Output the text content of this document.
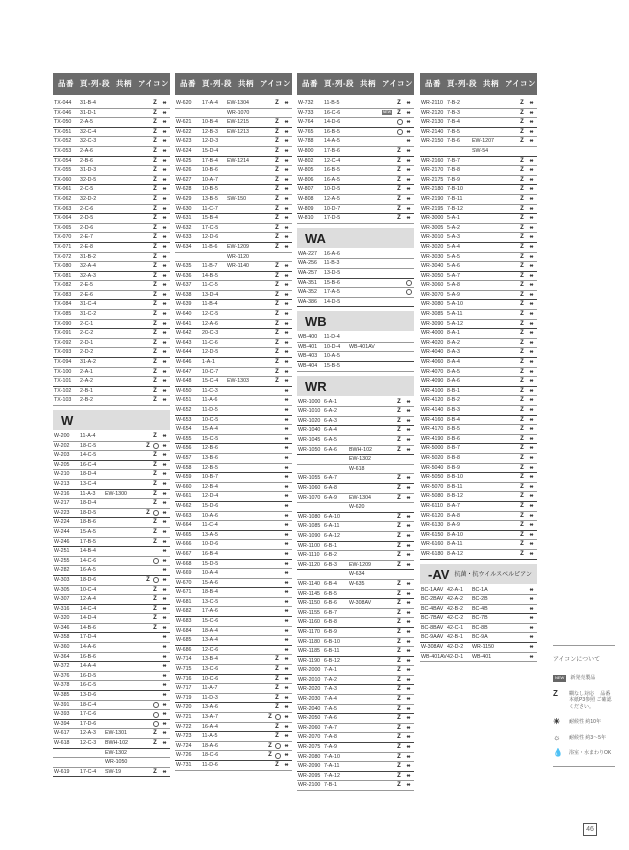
品番 頁-列-段 共柄 アイコン
TX-044 31-B-4	Z	♦♦
TX-046 31-D-1	Z	♦♦
TX-050 2-A-5	Z	♦♦
TX-051 32-C-4	Z	♦♦
TX-052 32-C-3	Z	♦♦
TX-053 2-A-6	Z	♦♦
TX-054 2-B-6	Z	♦♦
TX-055 31-D-3	Z	♦♦
TX-060 32-D-5	Z	♦♦
TX-061 2-C-5	Z	♦♦
TX-062 32-D-2	Z	♦♦
TX-063 2-C-6	Z	♦♦
TX-064 2-D-5	Z	♦♦
TX-065 2-D-6	Z	♦♦
TX-070 2-E-7	Z	♦♦
TX-071 2-E-8	Z	♦♦
TX-072 31-B-2	Z	♦♦
TX-080 32-A-4	Z	♦♦
TX-081 32-A-3	Z	♦♦
TX-082 2-E-5	Z	♦♦
TX-083 2-E-6	Z	♦♦
TX-084 31-C-4	Z	♦♦
TX-085 31-C-2	Z	♦♦
TX-090 2-C-1	Z	♦♦
TX-091 2-C-2	Z	♦♦
TX-092 2-D-1	Z	♦♦
TX-093 2-D-2	Z	♦♦
TX-094 31-A-2	Z	♦♦
TX-100 2-A-1	Z	♦♦
TX-101 2-A-2	Z	♦♦
TX-102 2-B-1	Z	♦♦
TX-103 2-B-2	Z	♦♦
W
W-200 11-A-4	Z	♦♦
W-202 18-C-5	Z	♦♦
W-203 14-C-5	Z	♦♦
W-205 16-C-4	Z	♦♦
W-210 18-D-4	Z	♦♦
W-213 13-C-4	Z	♦♦
W-216 11-A-3 EW-1300	Z	♦♦
W-217 18-D-4	Z	♦♦
W-223 18-D-5	Z	♦♦
W-224 18-B-6	Z	♦♦
W-244 15-A-5	Z	♦♦
W-246 17-B-5	Z	♦♦
W-251 14-B-4	♦♦
W-255 14-C-6	♦♦
W-282 16-A-5	♦♦
W-303 18-D-6	Z	♦♦
W-305 10-C-4	Z	♦♦
W-307 12-A-4	Z	♦♦
W-316 14-C-4	Z	♦♦
W-320 14-D-4	Z	♦♦
W-346 14-B-6	Z	♦♦
W-358 17-D-4	♦♦
W-360 14-A-6	♦♦
W-364 16-B-6	♦♦
W-372 14-A-4	♦♦
W-376 16-D-5	♦♦
W-378 16-C-5	♦♦
W-385 13-D-6	♦♦
W-391 18-C-4	♦♦
W-393 17-C-6	♦♦
W-394 17-D-6	♦♦
W-617 12-A-3 EW-1301	Z	♦♦
W-618 12-C-3 BWH-102	Z	♦♦
EW-1302
WR-1050
W-619 17-C-4 SW-19	Z	♦♦
品番 頁-列-段 共柄 アイコン
W-620 17-A-4 EW-1304	Z	♦♦
WR-1070
W-621 10-B-4 EW-1215	Z	♦♦
W-622 12-B-3 EW-1213	Z	♦♦
W-623 12-D-3	Z	♦♦
W-624 15-D-4	Z	♦♦
W-625 17-B-4 EW-1214	Z	♦♦
W-626 10-B-6	Z	♦♦
W-627 10-A-7	Z	♦♦
W-628 10-B-5	Z	♦♦
W-629 13-B-5 SW-150	Z	♦♦
W-630 11-C-7	Z	♦♦
W-631 15-B-4	Z	♦♦
W-632 17-C-5	Z	♦♦
W-633 12-D-6	Z	♦♦
W-634 11-B-6 EW-1209	Z	♦♦
WR-1120
W-635 11-B-7 WR-1140	Z	♦♦
W-636 14-B-5	Z	♦♦
W-637 11-C-5	Z	♦♦
W-638 13-D-4	Z	♦♦
W-639 11-B-4	Z	♦♦
W-640 12-C-5	Z	♦♦
W-641 12-A-6	Z	♦♦
W-642 20-C-3	Z	♦♦
W-643 11-C-6	Z	♦♦
W-644 12-D-5	Z	♦♦
W-646 1-A-1	Z	♦♦
W-647 10-C-7	Z	♦♦
W-648 15-C-4 EW-1303	Z	♦♦
W-650 11-C-3	♦♦
W-651 11-A-6	♦♦
W-652 11-D-5	♦♦
W-653 10-C-5	♦♦
W-654 15-A-4	♦♦
W-655 15-C-5	♦♦
W-656 12-B-6	♦♦
W-657 13-B-6	♦♦
W-658 12-B-5	♦♦
W-659 10-B-7	♦♦
W-660 12-B-4	♦♦
W-661 12-D-4	♦♦
W-662 15-D-6	♦♦
W-663 10-A-6	♦♦
W-664 11-C-4	♦♦
W-665 13-A-5	♦♦
W-666 10-D-6	♦♦
W-667 16-B-4	♦♦
W-668 15-D-5	♦♦
W-669 10-A-4	♦♦
W-670 15-A-6	♦♦
W-671 18-B-4	♦♦
W-681 13-C-5	♦♦
W-682 17-A-6	♦♦
W-683 15-C-6	♦♦
W-684 18-A-4	♦♦
W-685 13-A-4	♦♦
W-686 12-C-6	♦♦
W-714 13-B-4	Z	♦♦
W-715 13-C-6	Z	♦♦
W-716 10-C-6	Z	♦♦
W-717 11-A-7	Z	♦♦
W-719 11-D-3	Z	♦♦
W-720 13-A-6	Z	♦♦
W-721 13-A-7	Z	♦♦
W-722 16-A-4	Z	♦♦
W-723 11-A-5	Z	♦♦
W-724 18-A-6	Z	♦♦
W-726 18-C-6	Z	♦♦
W-731 11-D-6	Z	♦♦
品番 頁-列-段 共柄 アイコン
W-732 11-B-5	Z	♦♦
W-733 16-C-6	NEW	Z	♦♦
W-764 14-D-6	♦♦
W-765 16-B-5	♦♦
W-788 14-A-5	♦♦
W-800 17-B-6	Z	♦♦
W-802 12-C-4	Z	♦♦
W-805 16-B-5	Z	♦♦
W-806 16-A-5	Z	♦♦
W-807 10-D-5	Z	♦♦
W-808 12-A-5	Z	♦♦
W-809 10-D-7	Z	♦♦
W-810 17-D-5	Z	♦♦
WA
WA-227 16-A-6
WA-256 11-B-3
WA-257 13-D-5
WA-351 15-B-6
WA-352 17-A-5
WA-386 14-D-5
WB
WB-400 11-D-4
WB-401 10-D-4 WB-401AV
WB-403 10-A-5
WB-404 15-B-5
WR
WR-1000 6-A-1	Z	♦♦
WR-1010 6-A-2	Z	♦♦
WR-1020 6-A-3	Z	♦♦
WR-1040 6-A-4	Z	♦♦
WR-1045 6-A-5	Z	♦♦
WR-1050 6-A-6 BWH-102	Z	♦♦
EW-1302
W-618
WR-1055 6-A-7	Z	♦♦
WR-1060 6-A-8	Z	♦♦
WR-1070 6-A-9 EW-1304	Z	♦♦
W-620
WR-1080 6-A-10	Z	♦♦
WR-1085 6-A-11	Z	♦♦
WR-1090 6-A-12	Z	♦♦
WR-1100 6-B-1	Z	♦♦
WR-1110 6-B-2	Z	♦♦
WR-1120 6-B-3 EW-1209	Z	♦♦
W-634
WR-1140 6-B-4 W-635	Z	♦♦
WR-1145 6-B-5	Z	♦♦
WR-1150 6-B-6 W-308AV	Z	♦♦
WR-1155 6-B-7	Z	♦♦
WR-1160 6-B-8	Z	♦♦
WR-1170 6-B-9	Z	♦♦
WR-1180 6-B-10	Z	♦♦
WR-1185 6-B-11	Z	♦♦
WR-1190 6-B-12	Z	♦♦
WR-2000 7-A-1	Z	♦♦
WR-2010 7-A-2	Z	♦♦
WR-2020 7-A-3	Z	♦♦
WR-2030 7-A-4	Z	♦♦
WR-2040 7-A-5	Z	♦♦
WR-2050 7-A-6	Z	♦♦
WR-2060 7-A-7	Z	♦♦
WR-2070 7-A-8	Z	♦♦
WR-2075 7-A-9	Z	♦♦
WR-2080 7-A-10	Z	♦♦
WR-2090 7-A-11	Z	♦♦
WR-2095 7-A-12	Z	♦♦
WR-2100 7-B-1	Z	♦♦
品番 頁-列-段 共柄 アイコン
WR-2110 7-B-2	Z	♦♦
WR-2120 7-B-3	Z	♦♦
WR-2130 7-B-4	Z	♦♦
WR-2140 7-B-5	Z	♦♦
WR-2150 7-B-6 EW-1207	Z	♦♦
SW-54
WR-2160 7-B-7	Z	♦♦
WR-2170 7-B-8	Z	♦♦
WR-2175 7-B-9	Z	♦♦
WR-2180 7-B-10	Z	♦♦
WR-2190 7-B-11	Z	♦♦
WR-2195 7-B-12	Z	♦♦
WR-3000 5-A-1	Z	♦♦
WR-3005 5-A-2	Z	♦♦
WR-3010 5-A-3	Z	♦♦
WR-3020 5-A-4	Z	♦♦
WR-3030 5-A-5	Z	♦♦
WR-3040 5-A-6	Z	♦♦
WR-3050 5-A-7	Z	♦♦
WR-3060 5-A-8	Z	♦♦
WR-3070 5-A-9	Z	♦♦
WR-3080 5-A-10	Z	♦♦
WR-3085 5-A-11	Z	♦♦
WR-3090 5-A-12	Z	♦♦
WR-4000 8-A-1	Z	♦♦
WR-4020 8-A-2	Z	♦♦
WR-4040 8-A-3	Z	♦♦
WR-4060 8-A-4	Z	♦♦
WR-4070 8-A-5	Z	♦♦
WR-4090 8-A-6	Z	♦♦
WR-4100 8-B-1	Z	♦♦
WR-4120 8-B-2	Z	♦♦
WR-4140 8-B-3	Z	♦♦
WR-4160 8-B-4	Z	♦♦
WR-4170 8-B-5	Z	♦♦
WR-4190 8-B-6	Z	♦♦
WR-5000 8-B-7	Z	♦♦
WR-5020 8-B-8	Z	♦♦
WR-5040 8-B-9	Z	♦♦
WR-5050 8-B-10	Z	♦♦
WR-5070 8-B-11	Z	♦♦
WR-5080 8-B-12	Z	♦♦
WR-6110 8-A-7	Z	♦♦
WR-6120 8-A-8	Z	♦♦
WR-6130 8-A-9	Z	♦♦
WR-6150 8-A-10	Z	♦♦
WR-6160 8-A-11	Z	♦♦
WR-6180 8-A-12	Z	♦♦
-AV 抗菌・抗ウイルスベルピアン
BC-1AAV 42-A-1 BC-1A	♦♦
BC-2BAV 42-A-2 BC-2B	♦♦
BC-4BAV 42-B-2 BC-4B	♦♦
BC-7BAV 42-C-2 BC-7B	♦♦
BC-8BAV 42-C-1 BC-8B	♦♦
BC-9AAV 42-B-1 BC-9A	♦♦
W-308AV 42-D-2 WR-1150	♦♦
WB-401AV 42-D-1 WB-401	♦♦
アイコンについて
NEW	新発売製品
Z	糊なし対応 　品番本紙P3参照 ご確認ください。
☀	耐候性 約10年
☼	耐候性 約3〜5年
💧	浴室・水まわりOK
46
